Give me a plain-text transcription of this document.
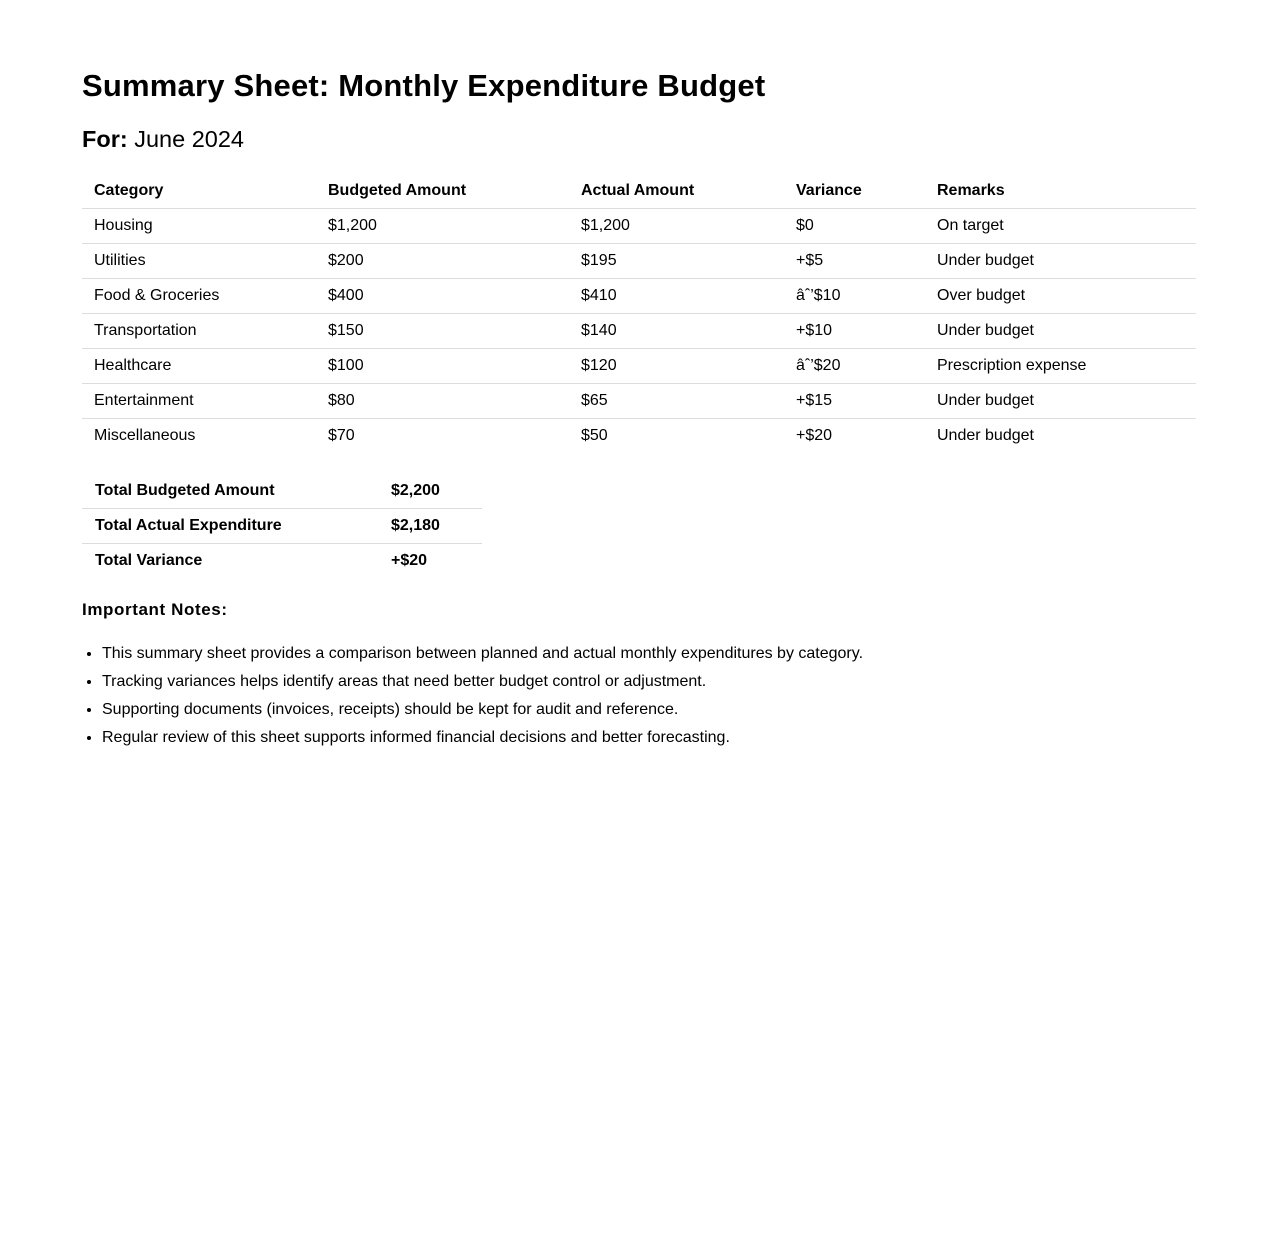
Summary Sheet: Monthly Expenditure Budget
For: June 2024
Category	Budgeted Amount	Actual Amount	Variance	Remarks
Housing	$1,200	$1,200	$0	On target
Utilities	$200	$195	+$5	Under budget
Food & Groceries	$400	$410	âˆ’$10	Over budget
Transportation	$150	$140	+$10	Under budget
Healthcare	$100	$120	âˆ’$20	Prescription expense
Entertainment	$80	$65	+$15	Under budget
Miscellaneous	$70	$50	+$20	Under budget
Total Budgeted Amount	$2,200
Total Actual Expenditure	$2,180
Total Variance	+$20
Important Notes:
• This summary sheet provides a comparison between planned and actual monthly expenditures by category.
• Tracking variances helps identify areas that need better budget control or adjustment.
• Supporting documents (invoices, receipts) should be kept for audit and reference.
• Regular review of this sheet supports informed financial decisions and better forecasting.
